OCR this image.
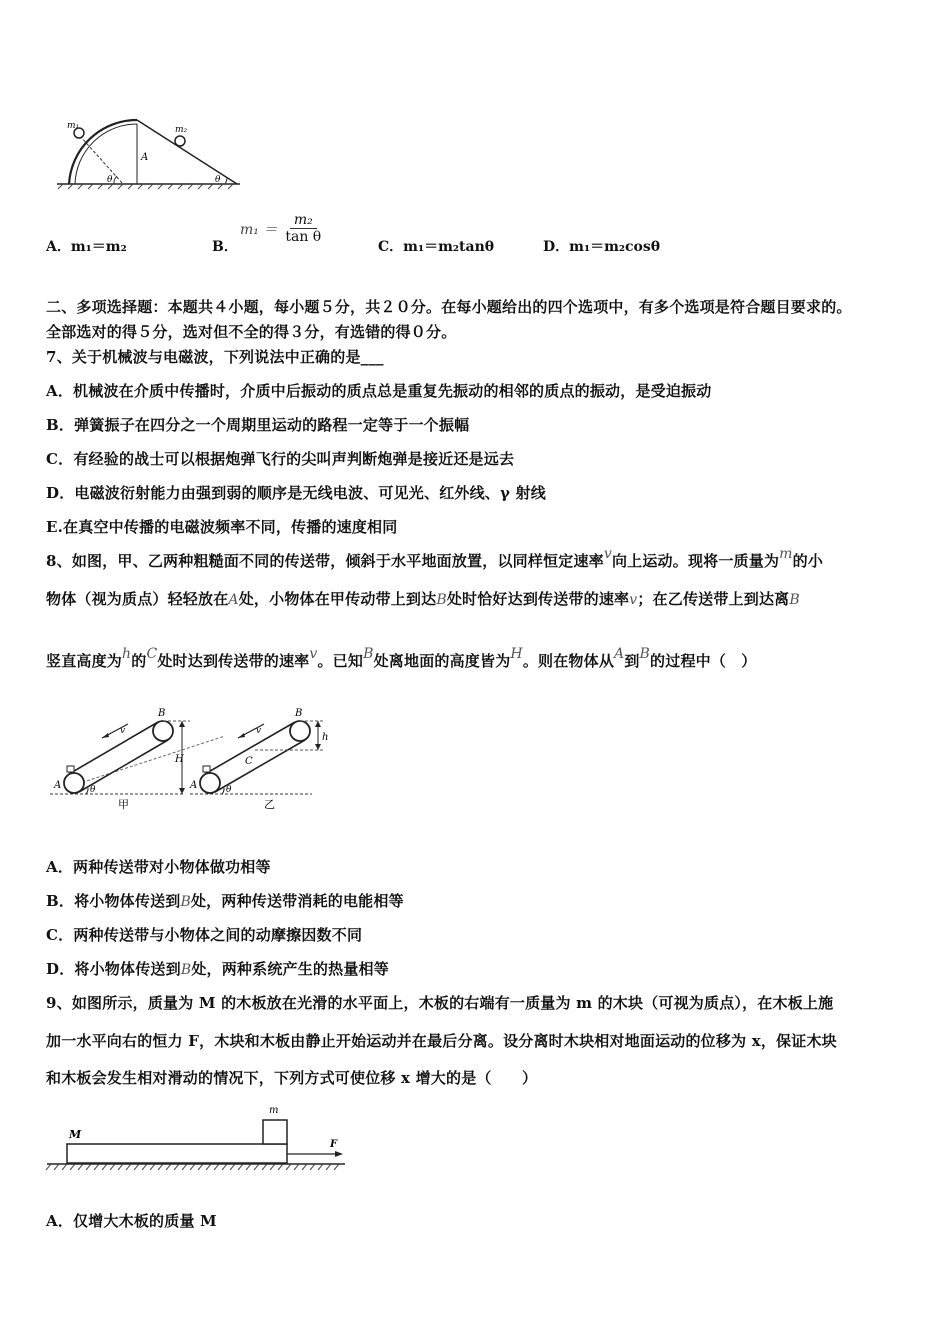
m₁	m₂
A
θ	θ
A．m₁＝m₂	B．
$m_1 = \frac{\text{m₂}}{\text{tan θ}}$
C．m₁＝m₂tanθ	D．m₁＝m₂cosθ
二、多项选择题：本题共４小题，每小题５分，共２０分。在每小题给出的四个选项中，有多个选项是符合题目要求的。
全部选对的得５分，选对但不全的得３分，有选错的得０分。
7、关于机械波与电磁波，下列说法中正确的是___
A．机械波在介质中传播时，介质中后振动的质点总是重复先振动的相邻的质点的振动，是受迫振动
B．弹簧振子在四分之一个周期里运动的路程一定等于一个振幅
C．有经验的战士可以根据炮弹飞行的尖叫声判断炮弹是接近还是远去
D．电磁波衍射能力由强到弱的顺序是无线电波、可见光、红外线、γ 射线
E.在真空中传播的电磁波频率不同，传播的速度相同
8、如图，甲、乙两种粗糙面不同的传送带，倾斜于水平地面放置，以同样恒定速率v向上运动。现将一质量为m的小
物体（视为质点）轻轻放在A处，小物体在甲传动带上到达B处时恰好达到传送带的速率v；在乙传送带上到达离B
竖直高度为h的C处时达到传送带的速率v。已知B处离地面的高度皆为H。则在物体从A到B的过程中（　）
A
B
v
H
θ
甲
A
B
v
h
C
θ
乙
A．两种传送带对小物体做功相等
B．将小物体传送到B处，两种传送带消耗的电能相等
C．两种传送带与小物体之间的动摩擦因数不同
D．将小物体传送到B处，两种系统产生的热量相等
9、如图所示，质量为 M 的木板放在光滑的水平面上，木板的右端有一质量为 m 的木块（可视为质点），在木板上施
加一水平向右的恒力 F，木块和木板由静止开始运动并在最后分离。设分离时木块相对地面运动的位移为 x，保证木块
和木板会发生相对滑动的情况下，下列方式可使位移 x 增大的是（　　）
M
m
F
A．仅增大木板的质量 M
